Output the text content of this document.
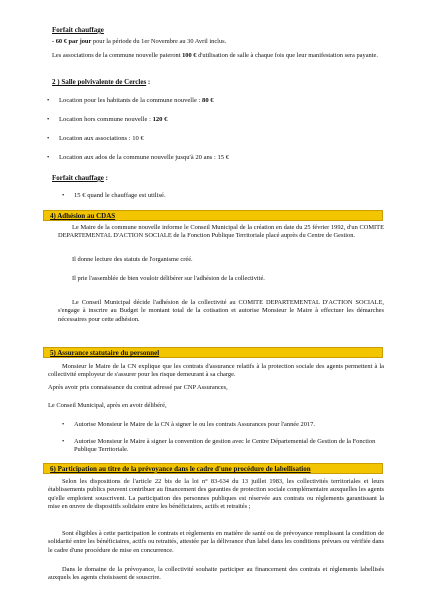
Forfait chauffage
- 60 € par jour pour la période du 1er Novembre au 30 Avril inclus.
Les associations de la commune nouvelle paieront 100 € d'utilisation de salle à chaque fois que leur manifestation sera payante.
2 ) Salle polvivalente de Cercles :
• Location pour les habitants de la commune nouvelle : 80 €
• Location hors commune nouvelle : 120 €
• Location aux associations : 10 €
• Location aux ados de la commune nouvelle jusqu'à 20 ans : 15 €
Forfait chauffage :
• 15 € quand le chauffage est utilisé.
4) Adhésion au CDAS
Le Maire de la commune nouvelle informe le Conseil Municipal de la création en date du 25 février 1992, d'un COMITE DEPARTEMENTAL D'ACTION SOCIALE de la Fonction Publique Territoriale placé auprès du Centre de Gestion.
Il donne lecture des statuts de l'organisme créé.
Il prie l'assemblée de bien vouloir délibérer sur l'adhésion de la collectivité.
Le Conseil Municipal décide l'adhésion de la collectivité au COMITE DEPARTEMENTAL D'ACTION SOCIALE, s'engage à inscrire au Budget le montant total de la cotisation et autorise Monsieur le Maire à effectuer les démarches nécessaires pour cette adhésion.
5) Assurance statutaire du personnel
Monsieur le Maire de la CN explique que les contrats d'assurance relatifs à la protection sociale des agents permettent à la collectivité employeur de s'assurer pour les risque demeurant à sa charge.
Après avoir pris connaissance du contrat adressé par CNP Assurances,
Le Conseil Municipal, après en avoir délibéré,
• Autorise Monsieur le Maire de la CN à signer le ou les contrats Assurances pour l'année 2017.
•	Autorise Monsieur le Maire à signer la convention de gestion avec le Centre Départemental de Gestion de la Fonction Publique Territoriale.
6) Participation au titre de la prévoyance dans le cadre d'une procédure de labellisation
Selon les dispositions de l'article 22 bis de la loi n° 83-634 du 13 juillet 1983, les collectivités territoriales et leurs établissements publics peuvent contribuer au financement des garanties de protection sociale complémentaire auxquelles les agents qu'elle emploient souscrivent. La participation des personnes publiques est réservée aux contrats ou règlements garantissant la mise en œuvre de dispositifs solidaire entre les bénéficiaires, actifs et retraités ;
Sont éligibles à cette participation le contrats et règlements en matière de santé ou de prévoyance remplissant la condition de solidarité entre les bénéficiaires, actifs ou retraités, attestée par la délivrance d'un label dans les conditions prévues ou vérifiée dans le cadre d'une procédure de mise en concurrence.
Dans le domaine de la prévoyance, la collectivité souhaite participer au financement des contrats et règlements labellisés auxquels les agents choisissent de souscrire.
